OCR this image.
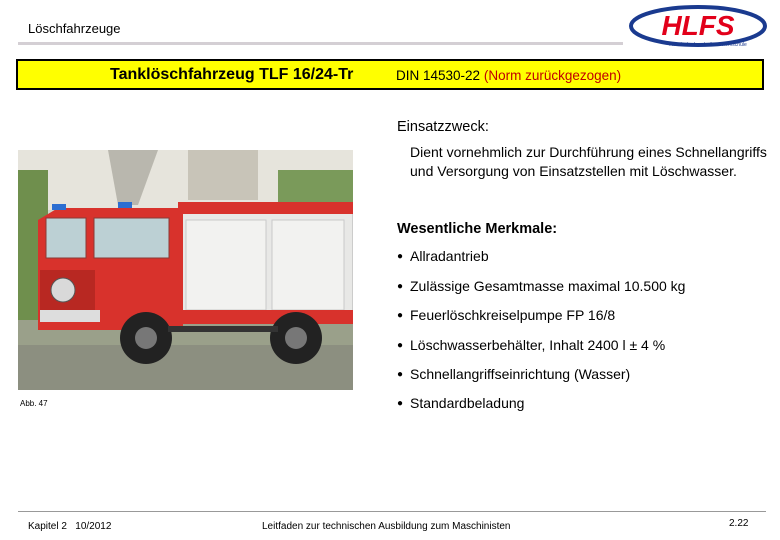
Löschfahrzeuge	HLFS
Hessische Landesfeuerwehrschule
Tanklöschfahrzeug TLF 16/24-Tr	DIN 14530-22 (Norm zurückgezogen)
Abb. 47
Einsatzzweck:
Dient vornehmlich zur Durchführung eines Schnellangriffs und Versorgung von Einsatzstellen mit Löschwasser.
Wesentliche Merkmale:
● Allradantrieb
● Zulässige Gesamtmasse maximal 10.500 kg
● Feuerlöschkreiselpumpe FP 16/8
● Löschwasserbehälter, Inhalt 2400 l ± 4 %
● Schnellangriffseinrichtung (Wasser)
● Standardbeladung
Kapitel 2   10/2012	Leitfaden zur technischen Ausbildung zum Maschinisten	2.22
